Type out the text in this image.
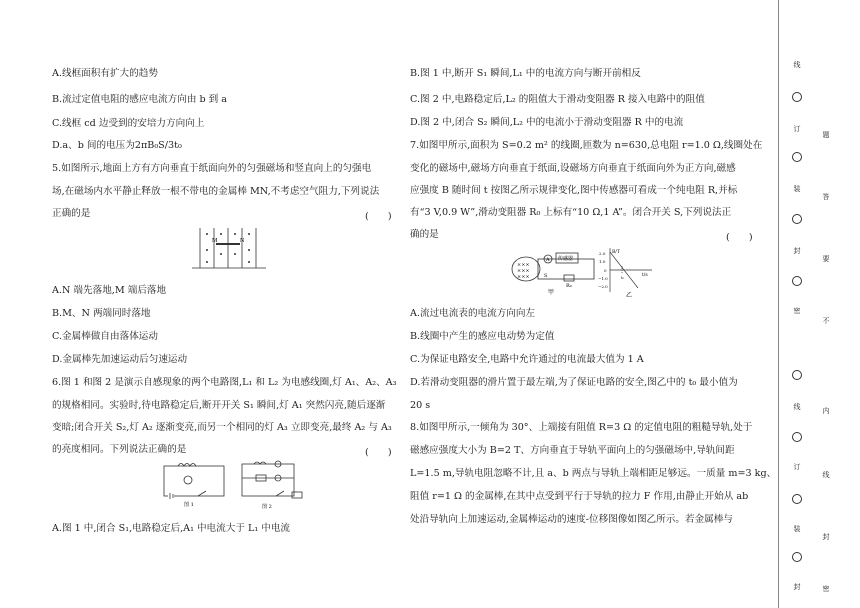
A.线框面积有扩大的趋势
B.流过定值电阻的感应电流方向由 b 到 a
C.线框 cd 边受到的安培力方向向上
D.a、b 间的电压为2πB₀S/3t₀
5.如图所示,地面上方有方向垂直于纸面向外的匀强磁场和竖直向上的匀强电
场,在磁场内水平静止释放一根不带电的金属棒 MN,不考虑空气阻力,下列说法
正确的是	(　　)
M	N
A.N 端先落地,M 端后落地
B.M、N 两端同时落地
C.金属棒做自由落体运动
D.金属棒先加速运动后匀速运动
6.图 1 和图 2 是演示自感现象的两个电路图,L₁ 和 L₂ 为电感线圈,灯 A₁、A₂、A₃
的规格相同。实验时,待电路稳定后,断开开关 S₁ 瞬间,灯 A₁ 突然闪亮,随后逐渐
变暗;闭合开关 S₂,灯 A₂ 逐渐变亮,而另一个相同的灯 A₃ 立即变亮,最终 A₂ 与 A₃
的亮度相同。下列说法正确的是	(　　)
图 1	图 2
A.图 1 中,闭合 S₁,电路稳定后,A₁ 中电流大于 L₁ 中电流
B.图 1 中,断开 S₁ 瞬间,L₁ 中的电流方向与断开前相反
C.图 2 中,电路稳定后,L₂ 的阻值大于滑动变阻器 R 接入电路中的阻值
D.图 2 中,闭合 S₂ 瞬间,L₂ 中的电流小于滑动变阻器 R 中的电流
7.如图甲所示,面积为 S=0.2 m² 的线圈,匝数为 n=630,总电阻 r=1.0 Ω,线圈处在
变化的磁场中,磁场方向垂直于纸面,设磁场方向垂直于纸面向外为正方向,磁感
应强度 B 随时间 t 按图乙所示规律变化,图中传感器可看成一个纯电阻 R,并标
有“3 V,0.9 W”,滑动变阻器 R₀ 上标有“10 Ω,1 A”。闭合开关 S,下列说法正
确的是	(　　)
×××
×××
×××
A 传感器
R₀
S
甲
B/T
t/s
2.0
1.0
0
−1.0
−2.0
t₀
乙
A.流过电流表的电流方向向左
B.线圈中产生的感应电动势为定值
C.为保证电路安全,电路中允许通过的电流最大值为 1 A
D.若滑动变阻器的滑片置于最左端,为了保证电路的安全,图乙中的 t₀ 最小值为
20 s
8.如图甲所示,一倾角为 30°、上端接有阻值 R=3 Ω 的定值电阻的粗糙导轨,处于
磁感应强度大小为 B=2 T、方向垂直于导轨平面向上的匀强磁场中,导轨间距
L=1.5 m,导轨电阻忽略不计,且 a、b 两点与导轨上端相距足够远。一质量 m=3 kg、
阻值 r=1 Ω 的金属棒,在其中点受到平行于导轨的拉力 F 作用,由静止开始从 ab
处沿导轨向上加速运动,金属棒运动的速度-位移图像如图乙所示。若金属棒与
线
订
装
封
密
线
订
装
封
题
答
要
不
内
线
封
密
